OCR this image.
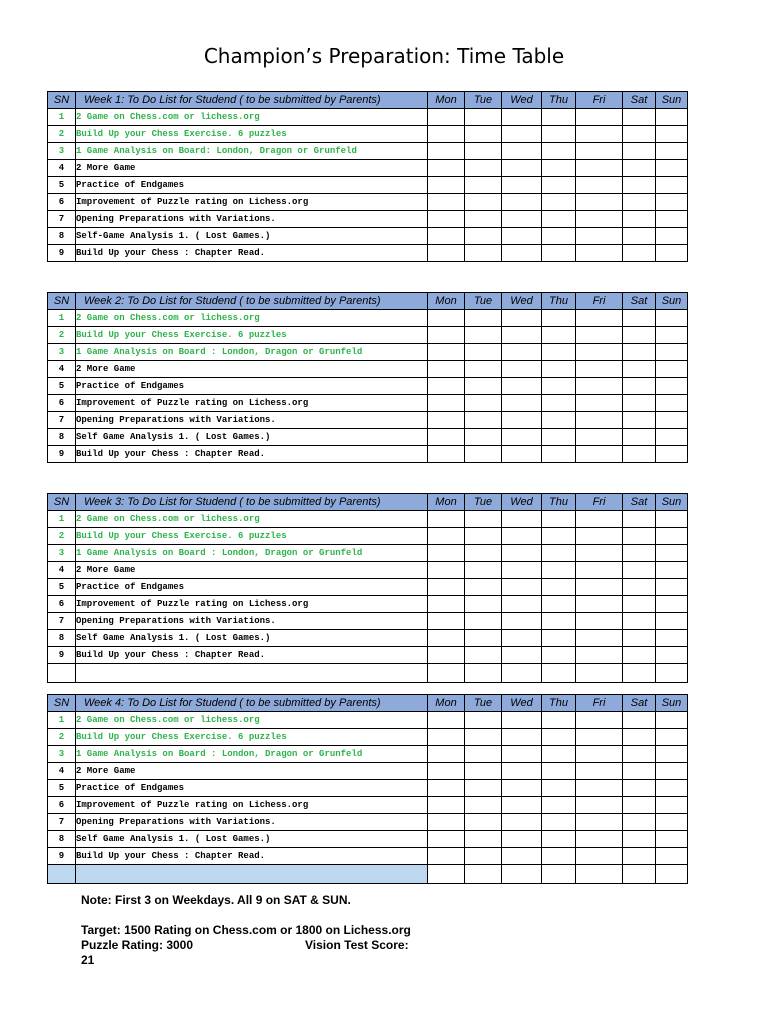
Champion’s Preparation: Time Table
SN	Week 1: To Do List for Studend ( to be submitted by Parents)	Mon	Tue	Wed	Thu	Fri	Sat	Sun
1	2 Game on Chess.com or lichess.org							
2	Build Up your Chess Exercise. 6 puzzles							
3	1 Game Analysis on Board: London, Dragon or Grunfeld							
4	2 More Game							
5	Practice of Endgames							
6	Improvement of Puzzle rating on Lichess.org							
7	Opening Preparations with Variations.							
8	Self-Game Analysis 1. ( Lost Games.)							
9	Build Up your Chess : Chapter Read.							
SN	Week 2: To Do List for Studend ( to be submitted by Parents)	Mon	Tue	Wed	Thu	Fri	Sat	Sun
1	2 Game on Chess.com or lichess.org							
2	Build Up your Chess Exercise. 6 puzzles							
3	1 Game Analysis on Board : London, Dragon or Grunfeld							
4	2 More Game							
5	Practice of Endgames							
6	Improvement of Puzzle rating on Lichess.org							
7	Opening Preparations with Variations.							
8	Self Game Analysis 1. ( Lost Games.)							
9	Build Up your Chess : Chapter Read.							
SN	Week 3: To Do List for Studend ( to be submitted by Parents)	Mon	Tue	Wed	Thu	Fri	Sat	Sun
1	2 Game on Chess.com or lichess.org							
2	Build Up your Chess Exercise. 6 puzzles							
3	1 Game Analysis on Board : London, Dragon or Grunfeld							
4	2 More Game							
5	Practice of Endgames							
6	Improvement of Puzzle rating on Lichess.org							
7	Opening Preparations with Variations.							
8	Self Game Analysis 1. ( Lost Games.)							
9	Build Up your Chess : Chapter Read.							

SN	Week 4: To Do List for Studend ( to be submitted by Parents)	Mon	Tue	Wed	Thu	Fri	Sat	Sun
1	2 Game on Chess.com or lichess.org							
2	Build Up your Chess Exercise. 6 puzzles							
3	1 Game Analysis on Board : London, Dragon or Grunfeld							
4	2 More Game							
5	Practice of Endgames							
6	Improvement of Puzzle rating on Lichess.org							
7	Opening Preparations with Variations.							
8	Self Game Analysis 1. ( Lost Games.)							
9	Build Up your Chess : Chapter Read.							

Note: First 3 on Weekdays. All 9 on SAT & SUN.
Target: 1500 Rating on Chess.com or 1800 on Lichess.org
Puzzle Rating: 3000	Vision Test Score:
21
